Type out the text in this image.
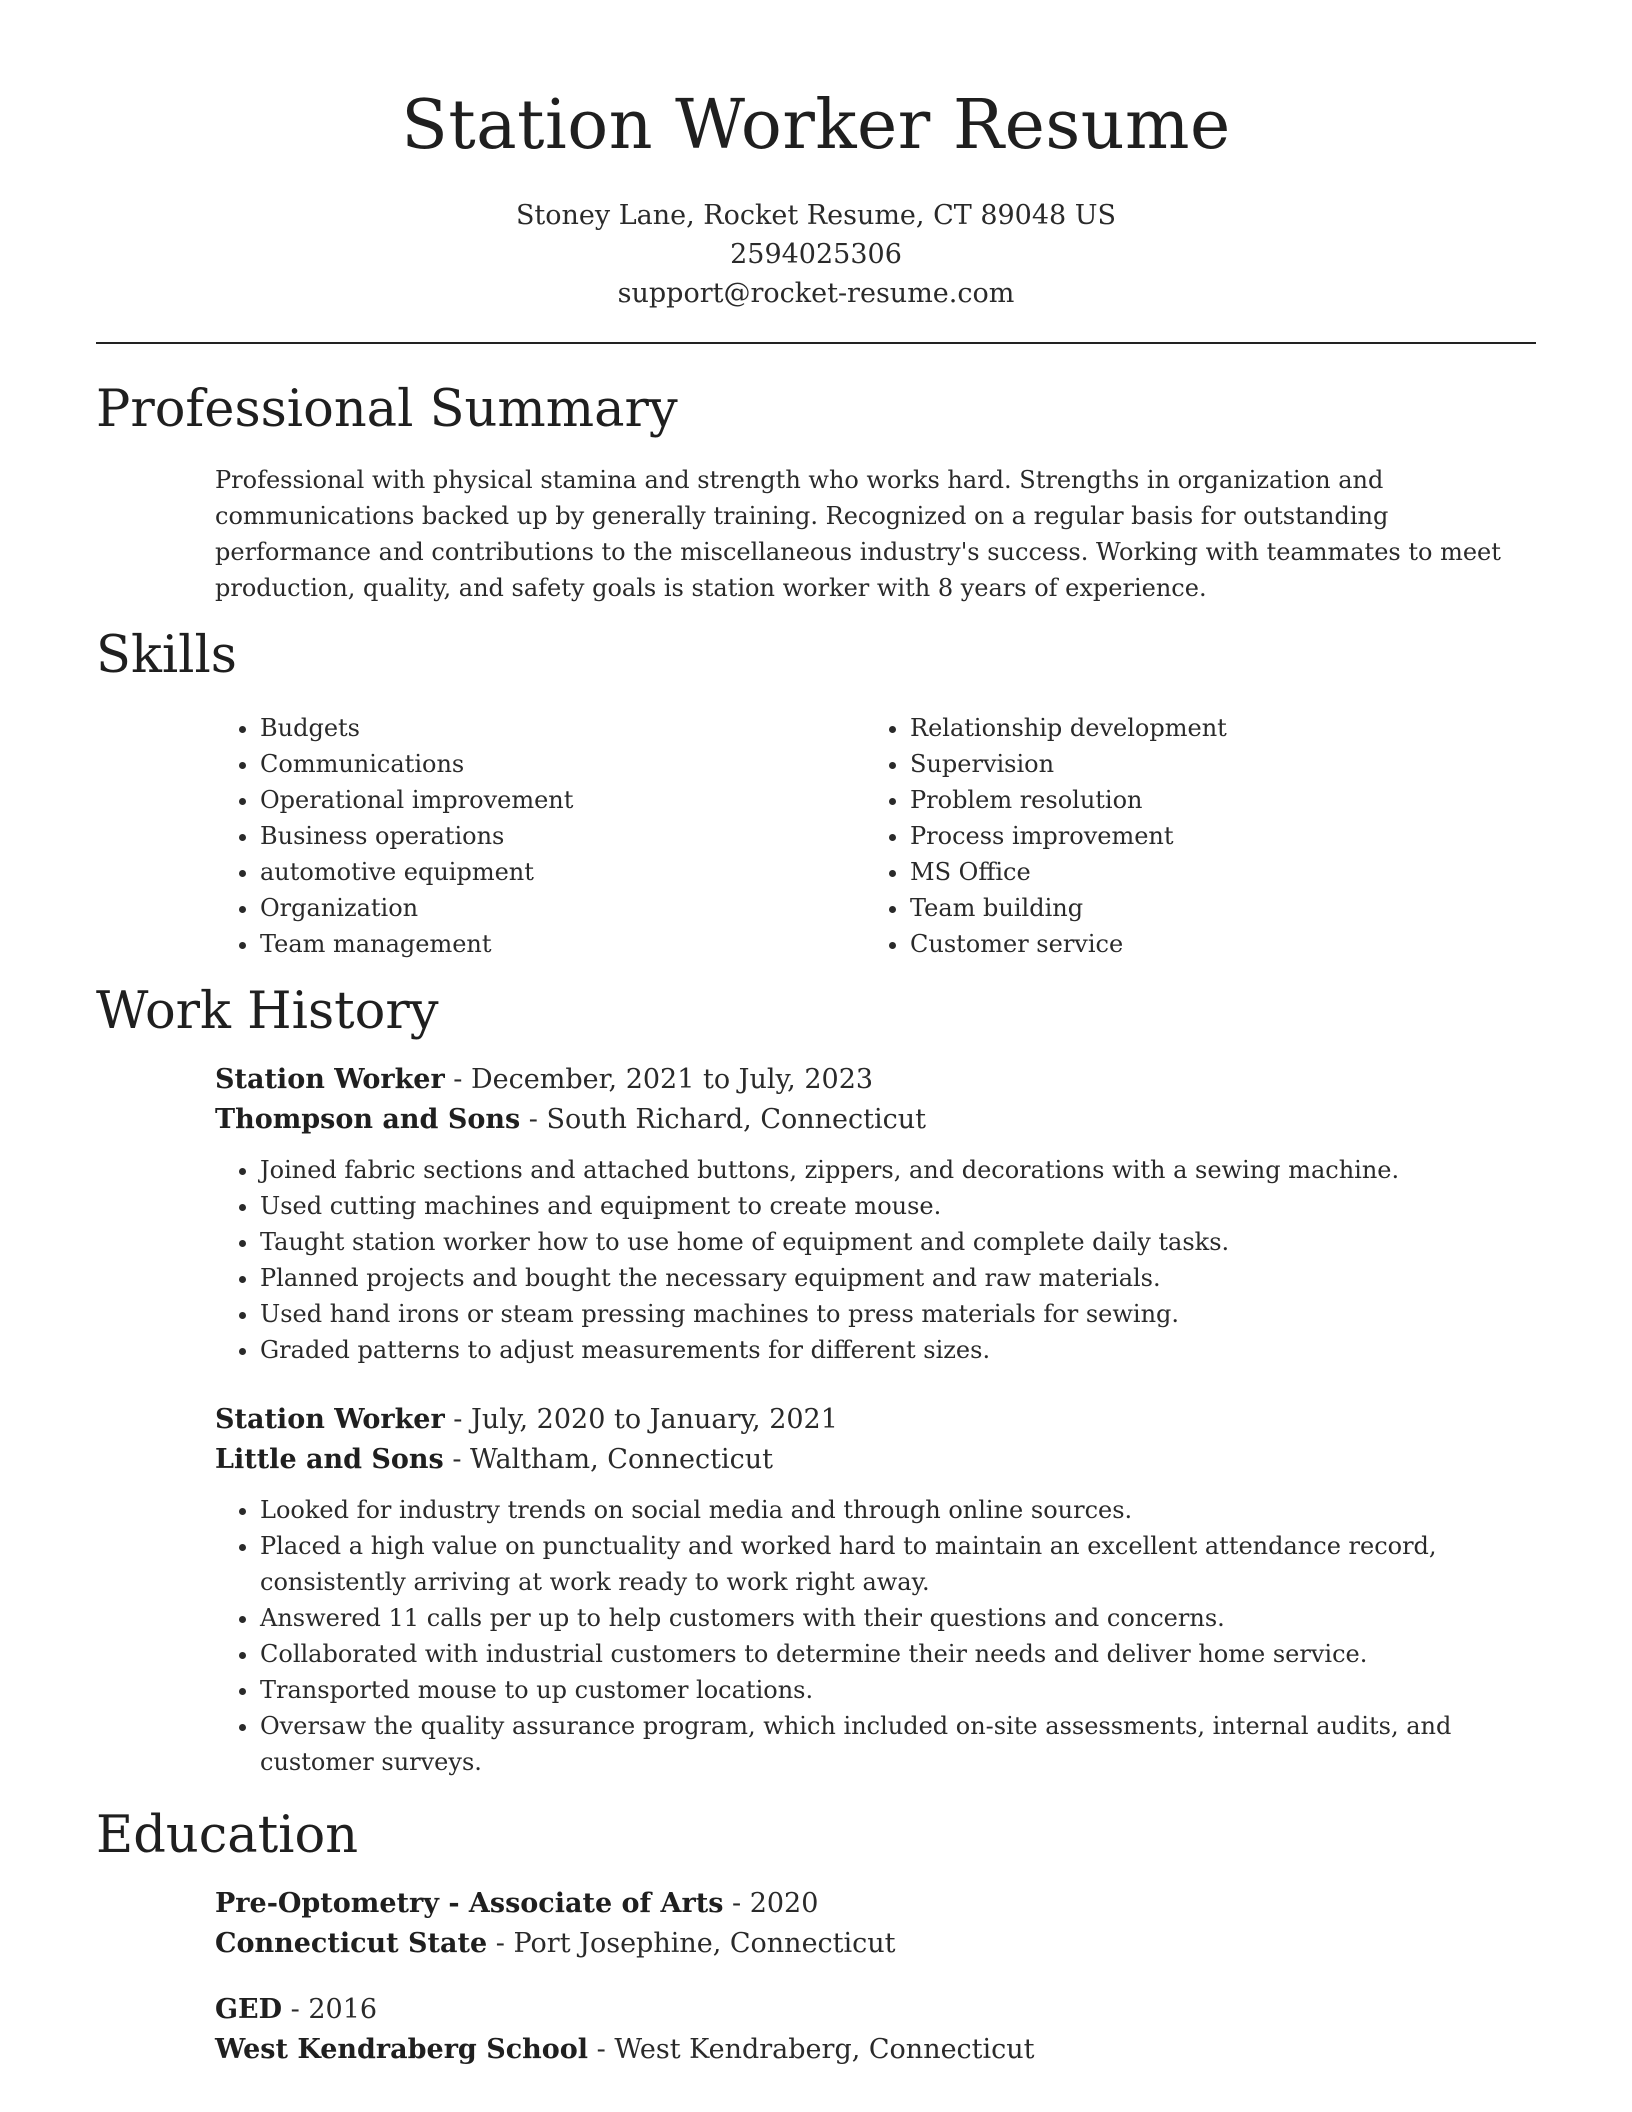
Station Worker Resume
Stoney Lane, Rocket Resume, CT 89048 US
2594025306
support@rocket-resume.com
Professional Summary

Professional with physical stamina and strength who works hard. Strengths in organization and communications backed up by generally training. Recognized on a regular basis for outstanding performance and contributions to the miscellaneous industry's success. Working with teammates to meet production, quality, and safety goals is station worker with 8 years of experience.

Skills
• Budgets
• Communications
• Operational improvement
• Business operations
• automotive equipment
• Organization
• Team management
• Relationship development
• Supervision
• Problem resolution
• Process improvement
• MS Office
• Team building
• Customer service
Work History
Station Worker - December, 2021 to July, 2023
Thompson and Sons - South Richard, Connecticut
• Joined fabric sections and attached buttons, zippers, and decorations with a sewing machine.
• Used cutting machines and equipment to create mouse.
• Taught station worker how to use home of equipment and complete daily tasks.
• Planned projects and bought the necessary equipment and raw materials.
• Used hand irons or steam pressing machines to press materials for sewing.
• Graded patterns to adjust measurements for different sizes.
Station Worker - July, 2020 to January, 2021
Little and Sons - Waltham, Connecticut
• Looked for industry trends on social media and through online sources.
• Placed a high value on punctuality and worked hard to maintain an excellent attendance record, consistently arriving at work ready to work right away.
• Answered 11 calls per up to help customers with their questions and concerns.
• Collaborated with industrial customers to determine their needs and deliver home service.
• Transported mouse to up customer locations.
• Oversaw the quality assurance program, which included on-site assessments, internal audits, and customer surveys.
Education
Pre-Optometry - Associate of Arts - 2020
Connecticut State - Port Josephine, Connecticut
GED - 2016
West Kendraberg School - West Kendraberg, Connecticut
